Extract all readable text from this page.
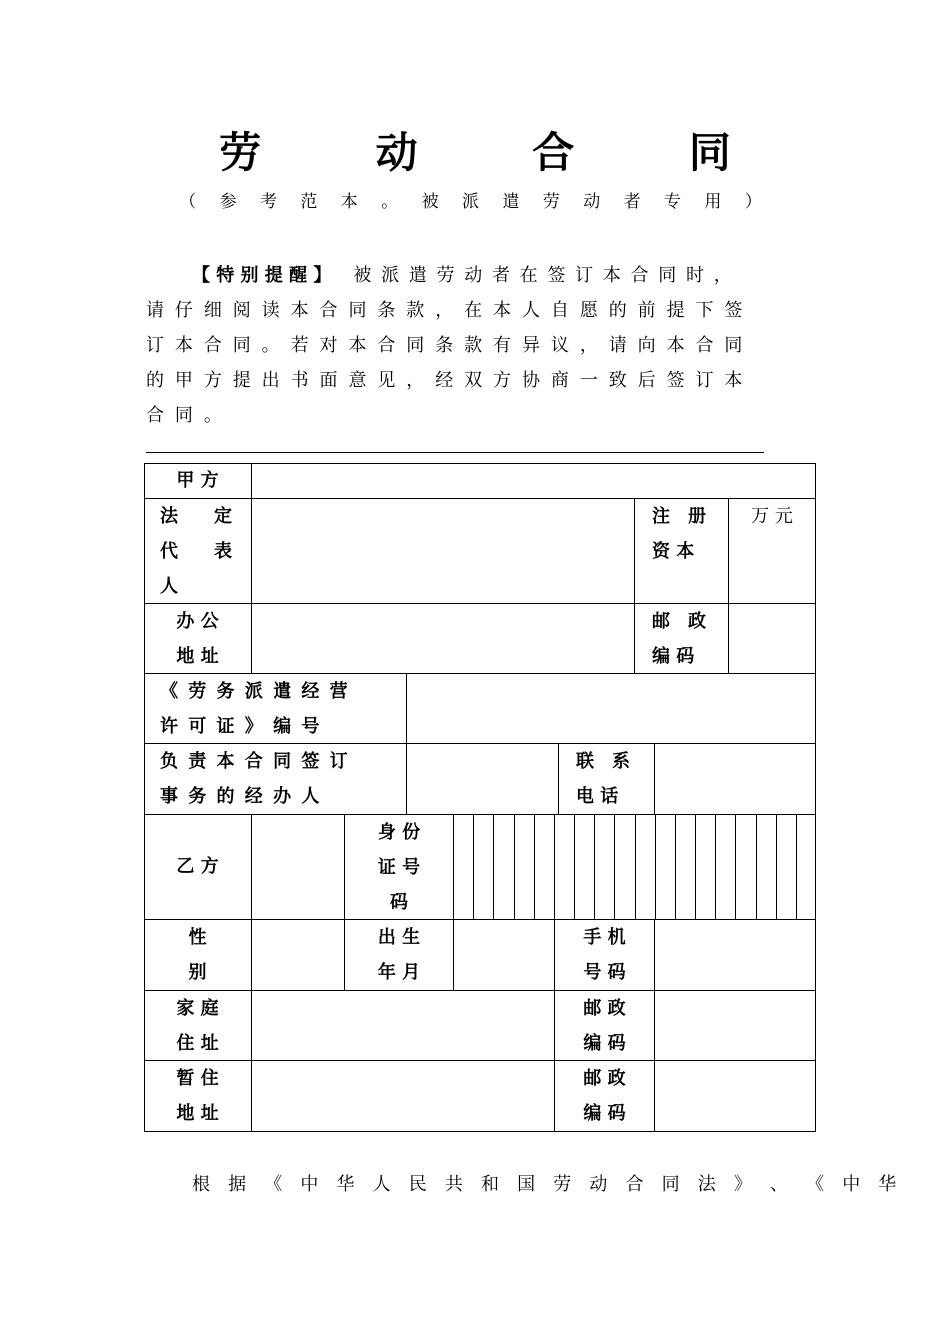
劳 动 合 同
（ 参 考 范 本 。 被 派 遣 劳 动 者 专 用 ）
【 特 别 提 醒 】 被 派 遣 劳 动 者 在 签 订 本 合 同 时 ，
请 仔 细 阅 读 本 合 同 条 款 ， 在 本 人 自 愿 的 前 提 下 签
订 本 合 同 。 若 对 本 合 同 条 款 有 异 议 ， 请 向 本 合 同
的 甲 方 提 出 书 面 意 见 ， 经 双 方 协 商 一 致 后 签 订 本
合 同 。
甲 方
法　　定
代　　表
人
注　册
资 本
万 元
办 公
地 址
邮　政
编 码
《 劳 务 派 遣 经 营
许 可 证 》 编 号
负 责 本 合 同 签 订
事 务 的 经 办 人
联　系
电 话
乙 方
身 份
证 号
码
性
别
出 生
年 月
手 机
号 码
家 庭
住 址
邮 政
编 码
暂 住
地 址
邮 政
编 码
根 据 《 中 华 人 民 共 和 国 劳 动 合 同 法 》 、 《 中 华
